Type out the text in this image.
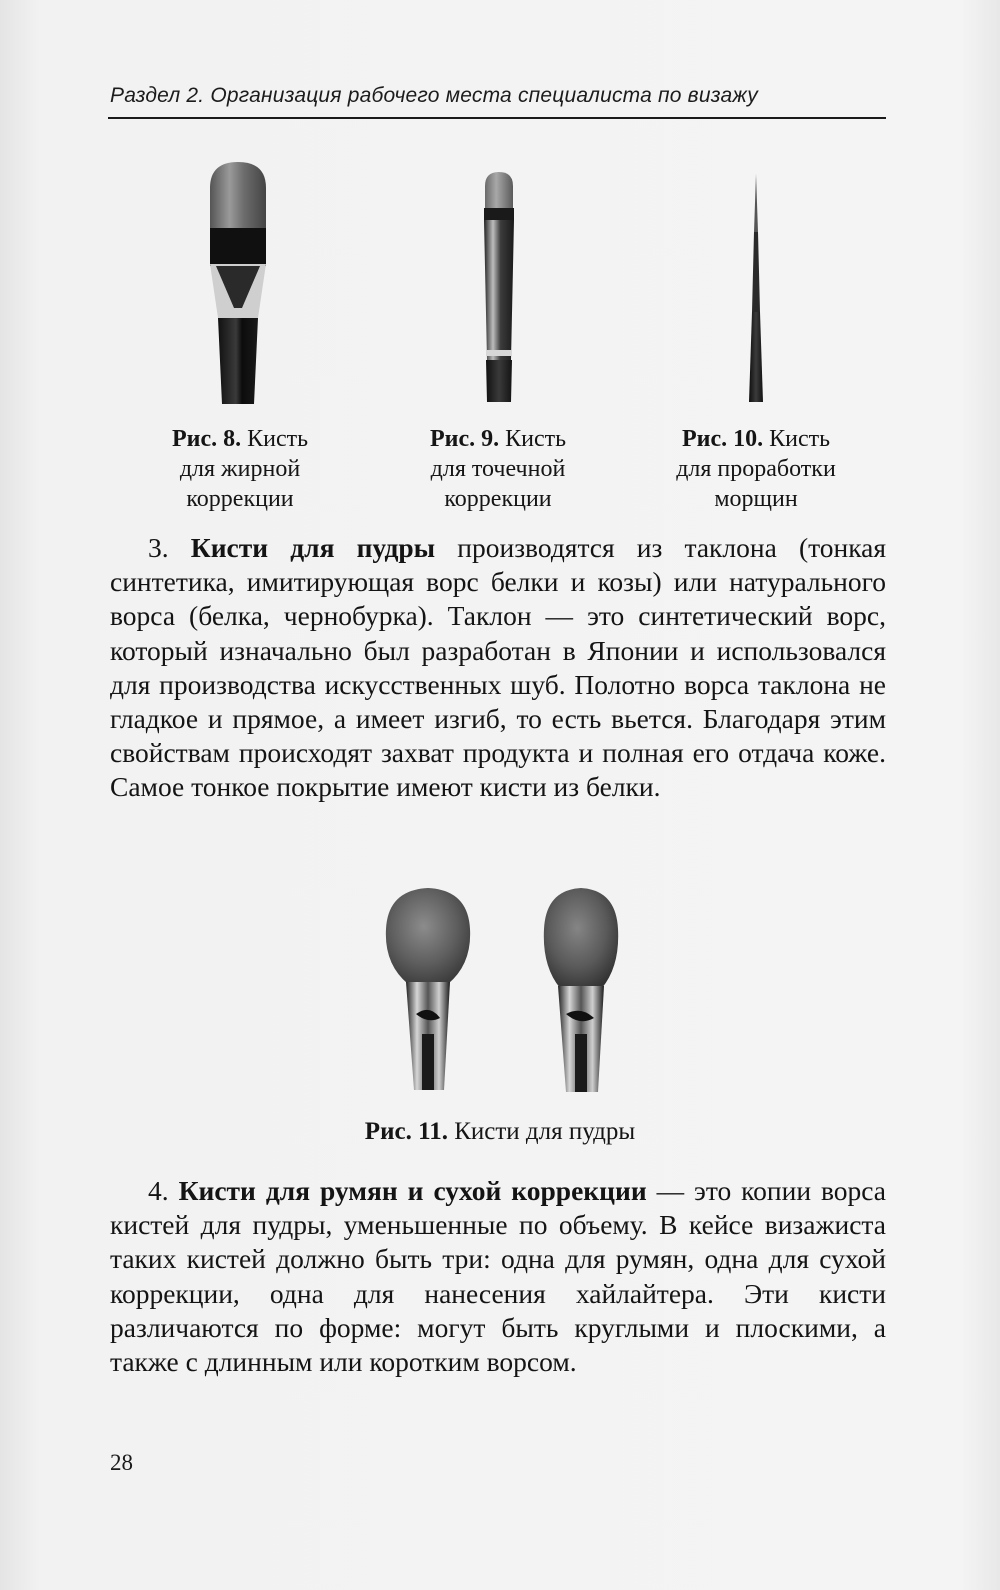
Раздел 2. Организация рабочего места специалиста по визажу
Рис. 8. Кисть
для жирной
коррекции
Рис. 9. Кисть
для точечной
коррекции
Рис. 10. Кисть
для проработки
морщин
3. Кисти для пудры производятся из таклона (тонкая синтетика, имитирующая ворс белки и козы) или натурального ворса (белка, чернобурка). Таклон — это синтетический ворс, который изначально был разработан в Японии и использовался для производства искусственных шуб. Полотно ворса таклона не гладкое и прямое, а имеет изгиб, то есть вьется. Благодаря этим свойствам происходят захват продукта и полная его отдача коже. Самое тонкое покрытие имеют кисти из белки.
Рис. 11. Кисти для пудры
4. Кисти для румян и сухой коррекции — это копии ворса кистей для пудры, уменьшенные по объему. В кейсе визажиста таких кистей должно быть три: одна для румян, одна для сухой коррекции, одна для нанесения хайлайтера. Эти кисти различаются по форме: могут быть круглыми и плоскими, а также с длинным или коротким ворсом.
28
